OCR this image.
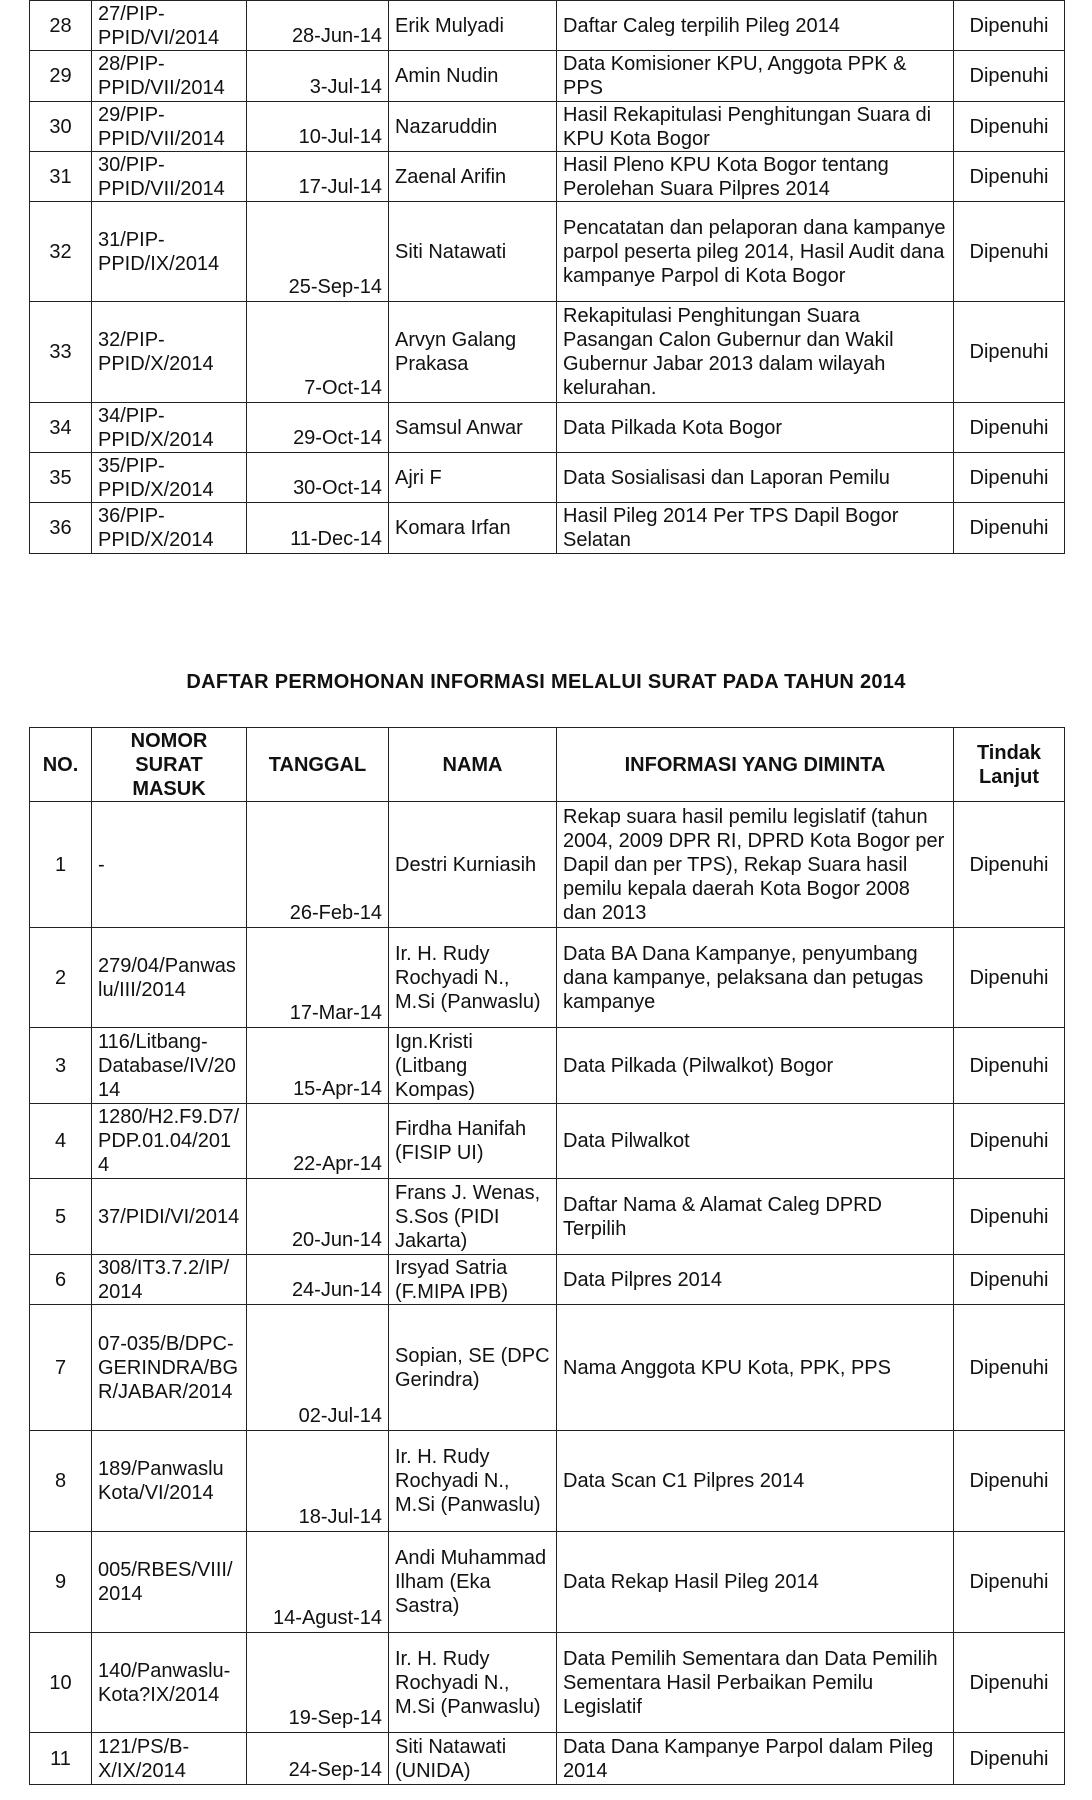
28	27/PIP-PPID/VI/2014	28-Jun-14	Erik Mulyadi	Daftar Caleg terpilih Pileg 2014	Dipenuhi
29	28/PIP-PPID/VII/2014	3-Jul-14	Amin Nudin	Data Komisioner KPU, Anggota PPK & PPS	Dipenuhi
30	29/PIP-PPID/VII/2014	10-Jul-14	Nazaruddin	Hasil Rekapitulasi Penghitungan Suara di KPU Kota Bogor	Dipenuhi
31	30/PIP-PPID/VII/2014	17-Jul-14	Zaenal Arifin	Hasil Pleno KPU Kota Bogor tentang Perolehan Suara Pilpres 2014	Dipenuhi
32	31/PIP-PPID/IX/2014	25-Sep-14	Siti Natawati	Pencatatan dan pelaporan dana kampanye parpol peserta pileg 2014, Hasil Audit dana kampanye Parpol di Kota Bogor	Dipenuhi
33	32/PIP-PPID/X/2014	7-Oct-14	Arvyn Galang Prakasa	Rekapitulasi Penghitungan Suara Pasangan Calon Gubernur dan Wakil Gubernur Jabar 2013 dalam wilayah kelurahan.	Dipenuhi
34	34/PIP-PPID/X/2014	29-Oct-14	Samsul Anwar	Data Pilkada Kota Bogor	Dipenuhi
35	35/PIP-PPID/X/2014	30-Oct-14	Ajri F	Data Sosialisasi dan Laporan Pemilu	Dipenuhi
36	36/PIP-PPID/X/2014	11-Dec-14	Komara Irfan	Hasil Pileg 2014 Per TPS Dapil Bogor Selatan	Dipenuhi
DAFTAR PERMOHONAN INFORMASI MELALUI SURAT PADA TAHUN 2014
NO.	NOMOR SURAT MASUK	TANGGAL	NAMA	INFORMASI YANG DIMINTA	Tindak Lanjut
1	-	26-Feb-14	Destri Kurniasih	Rekap suara hasil pemilu legislatif (tahun 2004, 2009 DPR RI, DPRD Kota Bogor per Dapil dan per TPS), Rekap Suara hasil pemilu kepala daerah Kota Bogor 2008 dan 2013	Dipenuhi
2	279/04/Panwaslu/III/2014	17-Mar-14	Ir. H. Rudy Rochyadi N., M.Si (Panwaslu)	Data BA Dana Kampanye, penyumbang dana kampanye, pelaksana dan petugas kampanye	Dipenuhi
3	116/Litbang-Database/IV/2014	15-Apr-14	Ign.Kristi (Litbang Kompas)	Data Pilkada (Pilwalkot) Bogor	Dipenuhi
4	1280/H2.F9.D7/PDP.01.04/2014	22-Apr-14	Firdha Hanifah (FISIP UI)	Data Pilwalkot	Dipenuhi
5	37/PIDI/VI/2014	20-Jun-14	Frans J. Wenas, S.Sos (PIDI Jakarta)	Daftar Nama & Alamat Caleg DPRD Terpilih	Dipenuhi
6	308/IT3.7.2/IP/2014	24-Jun-14	Irsyad Satria (F.MIPA IPB)	Data Pilpres 2014	Dipenuhi
7	07-035/B/DPC-GERINDRA/BGR/JABAR/2014	02-Jul-14	Sopian, SE (DPC Gerindra)	Nama Anggota KPU Kota, PPK, PPS	Dipenuhi
8	189/Panwaslu Kota/VI/2014	18-Jul-14	Ir. H. Rudy Rochyadi N., M.Si (Panwaslu)	Data Scan C1 Pilpres 2014	Dipenuhi
9	005/RBES/VIII/2014	14-Agust-14	Andi Muhammad Ilham (Eka Sastra)	Data Rekap Hasil Pileg 2014	Dipenuhi
10	140/Panwaslu-Kota?IX/2014	19-Sep-14	Ir. H. Rudy Rochyadi N., M.Si (Panwaslu)	Data Pemilih Sementara dan Data Pemilih Sementara Hasil Perbaikan Pemilu Legislatif	Dipenuhi
11	121/PS/B-X/IX/2014	24-Sep-14	Siti Natawati (UNIDA)	Data Dana Kampanye Parpol dalam Pileg 2014	Dipenuhi
